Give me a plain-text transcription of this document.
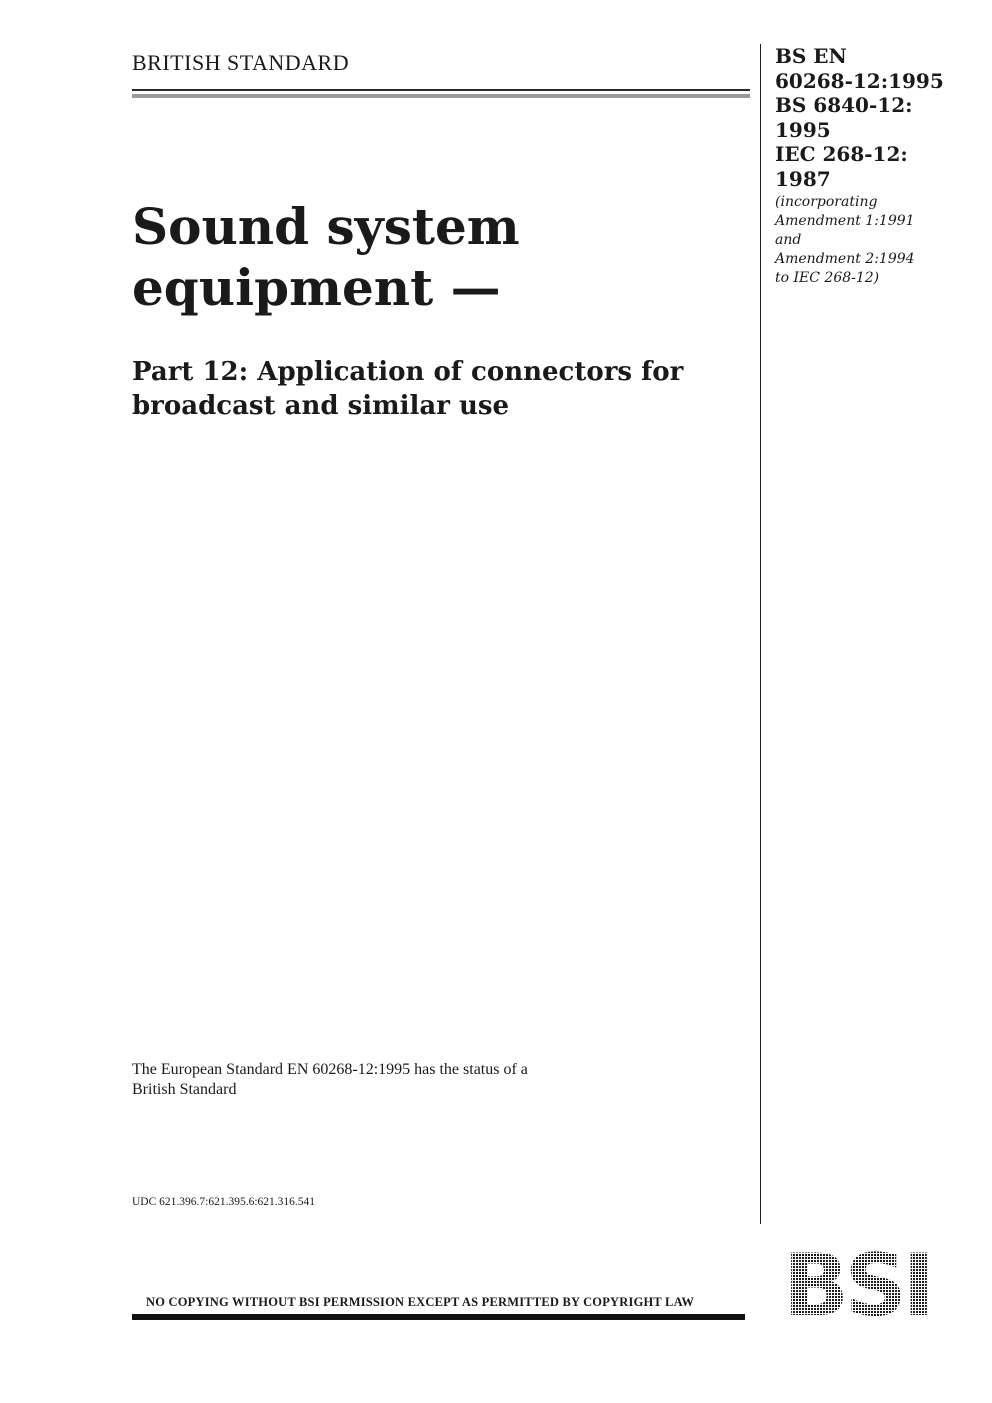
BRITISH STANDARD	BS EN
60268-12:1995
BS 6840-12:
1995
IEC 268-12:
1987
(incorporating
Amendment 1:1991
and
Amendment 2:1994
to IEC 268-12)
Sound system
equipment —
Part 12: Application of connectors for
broadcast and similar use
The European Standard EN 60268-12:1995 has the status of a
British Standard
UDC 621.396.7:621.395.6:621.316.541
NO COPYING WITHOUT BSI PERMISSION EXCEPT AS PERMITTED BY COPYRIGHT LAW BSI
